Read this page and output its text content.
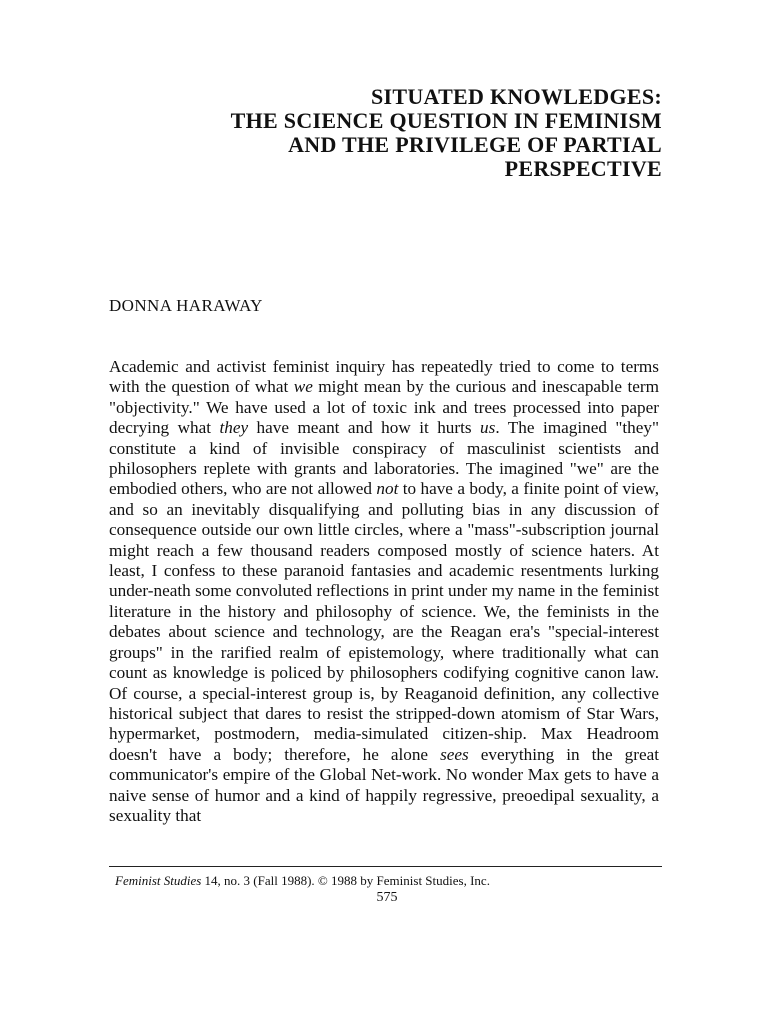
SITUATED KNOWLEDGES:
THE SCIENCE QUESTION IN FEMINISM
AND THE PRIVILEGE OF PARTIAL
PERSPECTIVE
DONNA HARAWAY

Academic and activist feminist inquiry has repeatedly tried to come to terms with the question of what we might mean by the curious and inescapable term "objectivity." We have used a lot of toxic ink and trees processed into paper decrying what they have meant and how it hurts us. The imagined "they" constitute a kind of invisible conspiracy of masculinist scientists and philosophers replete with grants and laboratories. The imagined "we" are the embodied others, who are not allowed not to have a body, a finite point of view, and so an inevitably disqualifying and polluting bias in any discussion of consequence outside our own little circles, where a "mass"-subscription journal might reach a few thousand readers composed mostly of science haters. At least, I confess to these paranoid fantasies and academic resentments lurking under-neath some convoluted reflections in print under my name in the feminist literature in the history and philosophy of science. We, the feminists in the debates about science and technology, are the Reagan era's "special-interest groups" in the rarified realm of epistemology, where traditionally what can count as knowledge is policed by philosophers codifying cognitive canon law. Of course, a special-interest group is, by Reaganoid definition, any collective historical subject that dares to resist the stripped-down atomism of Star Wars, hypermarket, postmodern, media-simulated citizen-ship. Max Headroom doesn't have a body; therefore, he alone sees everything in the great communicator's empire of the Global Net-work. No wonder Max gets to have a naive sense of humor and a kind of happily regressive, preoedipal sexuality, a sexuality that

Feminist Studies 14, no. 3 (Fall 1988). © 1988 by Feminist Studies, Inc.
575
